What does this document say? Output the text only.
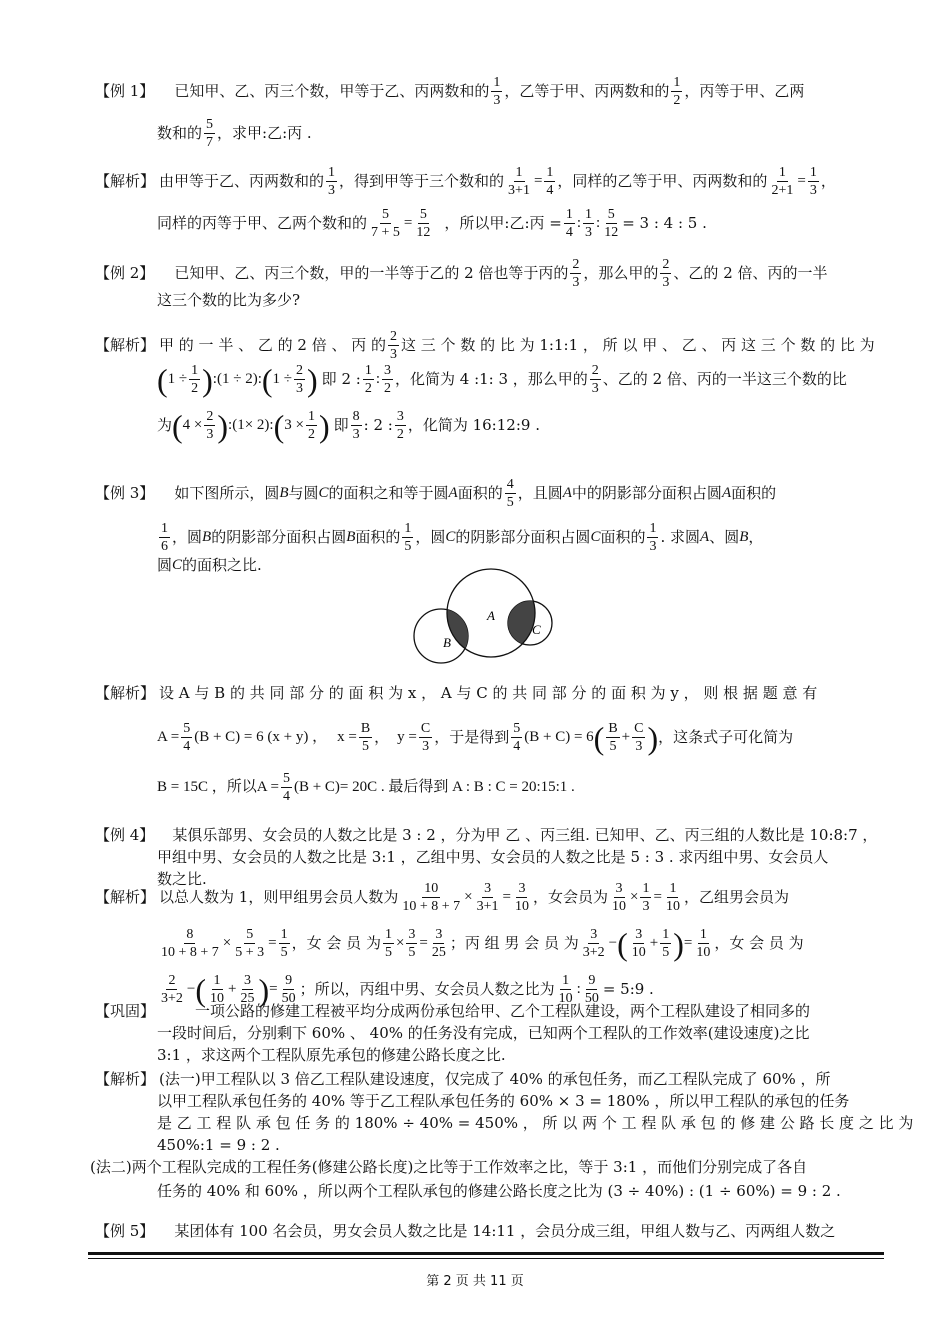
【例 1】 已知甲、乙、丙三个数，甲等于乙、丙两数和的 1
3
，乙等于甲、丙两数和的 1
2
，丙等于甲、乙两
数和的 5
7
，求甲:乙:丙 .
【解析】 由甲等于乙、丙两数和的 1
3
，得到甲等于三个数和的 $\frac{1}{3+1} = \frac{1}{4}$ ，同样的乙等于甲、丙两数和的 $\frac{1}{2+1} = \frac{1}{3}$ ，
同样的丙等于甲、乙两个数和的 $\frac{5}{7 + 5} = \frac{5}{12}$ ，所以甲:乙:丙 = $\frac{1}{4}$ :
1
3
: $\frac{5}{12} = 3$ : 4 : 5 .
【例 2】 已知甲、乙、丙三个数，甲的一半等于乙的 2 倍也等于丙的 2
3
，那么甲的 2
3
、乙的 2 倍、丙的一半
这三个数的比为多少?
【解析】 甲 的 一 半 、 乙 的 2 倍 、 丙 的 2
3
这 三 个 数 的 比 为 1:1:1 ， 所 以 甲 、 乙 、 丙 这 三 个 数 的 比 为
( $1 \div \frac{1}{2}$ ) : (1 ÷ 2) : ( $1 \div \frac{2}{3}$ ) 即 2 : 1
2
:
3
2
，化简为 4 :1: 3 ，那么甲的 2
3
、乙的 2 倍、丙的一半这三个数的比
为 ( $4 \times \frac{2}{3}$ ) : (1× 2) : ( $3 \times \frac{1}{2}$ ) 即 8
3
: 2 : 3
2
，化简为 16:12:9 .
【例 3】 如下图所示，圆 B 与圆 C 的面积之和等于圆 A 面积的 4
5
，且圆 A 中的阴影部分面积占圆 A 面积的
1
6
，圆 B 的阴影部分面积占圆 B 面积的 1
5
，圆 C 的阴影部分面积占圆 C 面积的 1
3
. 求圆 A 、圆 B ，
圆 C 的面积之比.
A
B
C
【解析】 设 A 与 B 的 共 同 部 分 的 面 积 为 x ， A 与 C 的 共 同 部 分 的 面 积 为 y ， 则 根 据 题 意 有
$A = \frac{5}{4} (B + C) = 6$ (x + y) ， $x = \frac{B}{5}$ ， $y = \frac{C}{3}$ ，于是得到 5
4
(B + C) = 6 ( B
5
+ $\frac{C}{3}$ ) ，这条式子可化简为
B = 15C ，所以 $A = \frac{5}{4} (B + C) = 20C$ . 最后得到 A : B : C = 20:15:1 .
【例 4】 某俱乐部男、女会员的人数之比是 3 : 2 ，分为甲 乙 、丙三组. 已知甲、乙、丙三组的人数比是 10:8:7 ，
甲组中男、女会员的人数之比是 3:1 ，乙组中男、女会员的人数之比是 5 : 3 . 求丙组中男、女会员人
数之比.
【解析】 以总人数为 1，则甲组男会员人数为 $\frac{10}{10 + 8 + 7} \times \frac{3}{3+1} = \frac{3}{10}$ ，女会员为 $\frac{3}{10} \times \frac{1}{3} = \frac{1}{10}$ ，乙组男会员为
$\frac{8}{10 + 8 + 7} \times \frac{5}{5 + 3} = \frac{1}{5}$ ，女 会 员 为 $\frac{1}{5} \times \frac{3}{5} = \frac{3}{25}$ ；丙 组 男 会 员 为 3
3+2
− ( 3
10
+ $\frac{1}{5}$ ) = $\frac{1}{10}$ ，女 会 员 为
2
3+2
− ( 1
10
+ $\frac{3}{25}$ ) = $\frac{9}{50}$ ；所以，丙组中男、女会员人数之比为 1
10
: $\frac{9}{50}$ = 5:9 .
【巩固】	一项公路的修建工程被平均分成两份承包给甲、乙个工程队建设，两个工程队建设了相同多的
一段时间后，分别剩下 60% 、 40% 的任务没有完成，已知两个工程队的工作效率(建设速度)之比
3:1 ，求这两个工程队原先承包的修建公路长度之比.
【解析】 (法一)甲工程队以 3 倍乙工程队建设速度，仅完成了 40% 的承包任务，而乙工程队完成了 60% ，所
以甲工程队承包任务的 40% 等于乙工程队承包任务的 60% × 3 = 180% ，所以甲工程队的承包的任务
是 乙 工 程 队 承 包 任 务 的 180% ÷ 40% = 450% ， 所 以 两 个 工 程 队 承 包 的 修 建 公 路 长 度 之 比 为
450%:1 = 9 : 2 .
(法二)两个工程队完成的工程任务(修建公路长度)之比等于工作效率之比，等于 3:1 ，而他们分别完成了各自
任务的 40% 和 60% ，所以两个工程队承包的修建公路长度之比为 (3 ÷ 40%) : (1 ÷ 60%) = 9 : 2 .
【例 5】 某团体有 100 名会员，男女会员人数之比是 14:11 ，会员分成三组，甲组人数与乙、丙两组人数之
第 2 页 共 11 页
